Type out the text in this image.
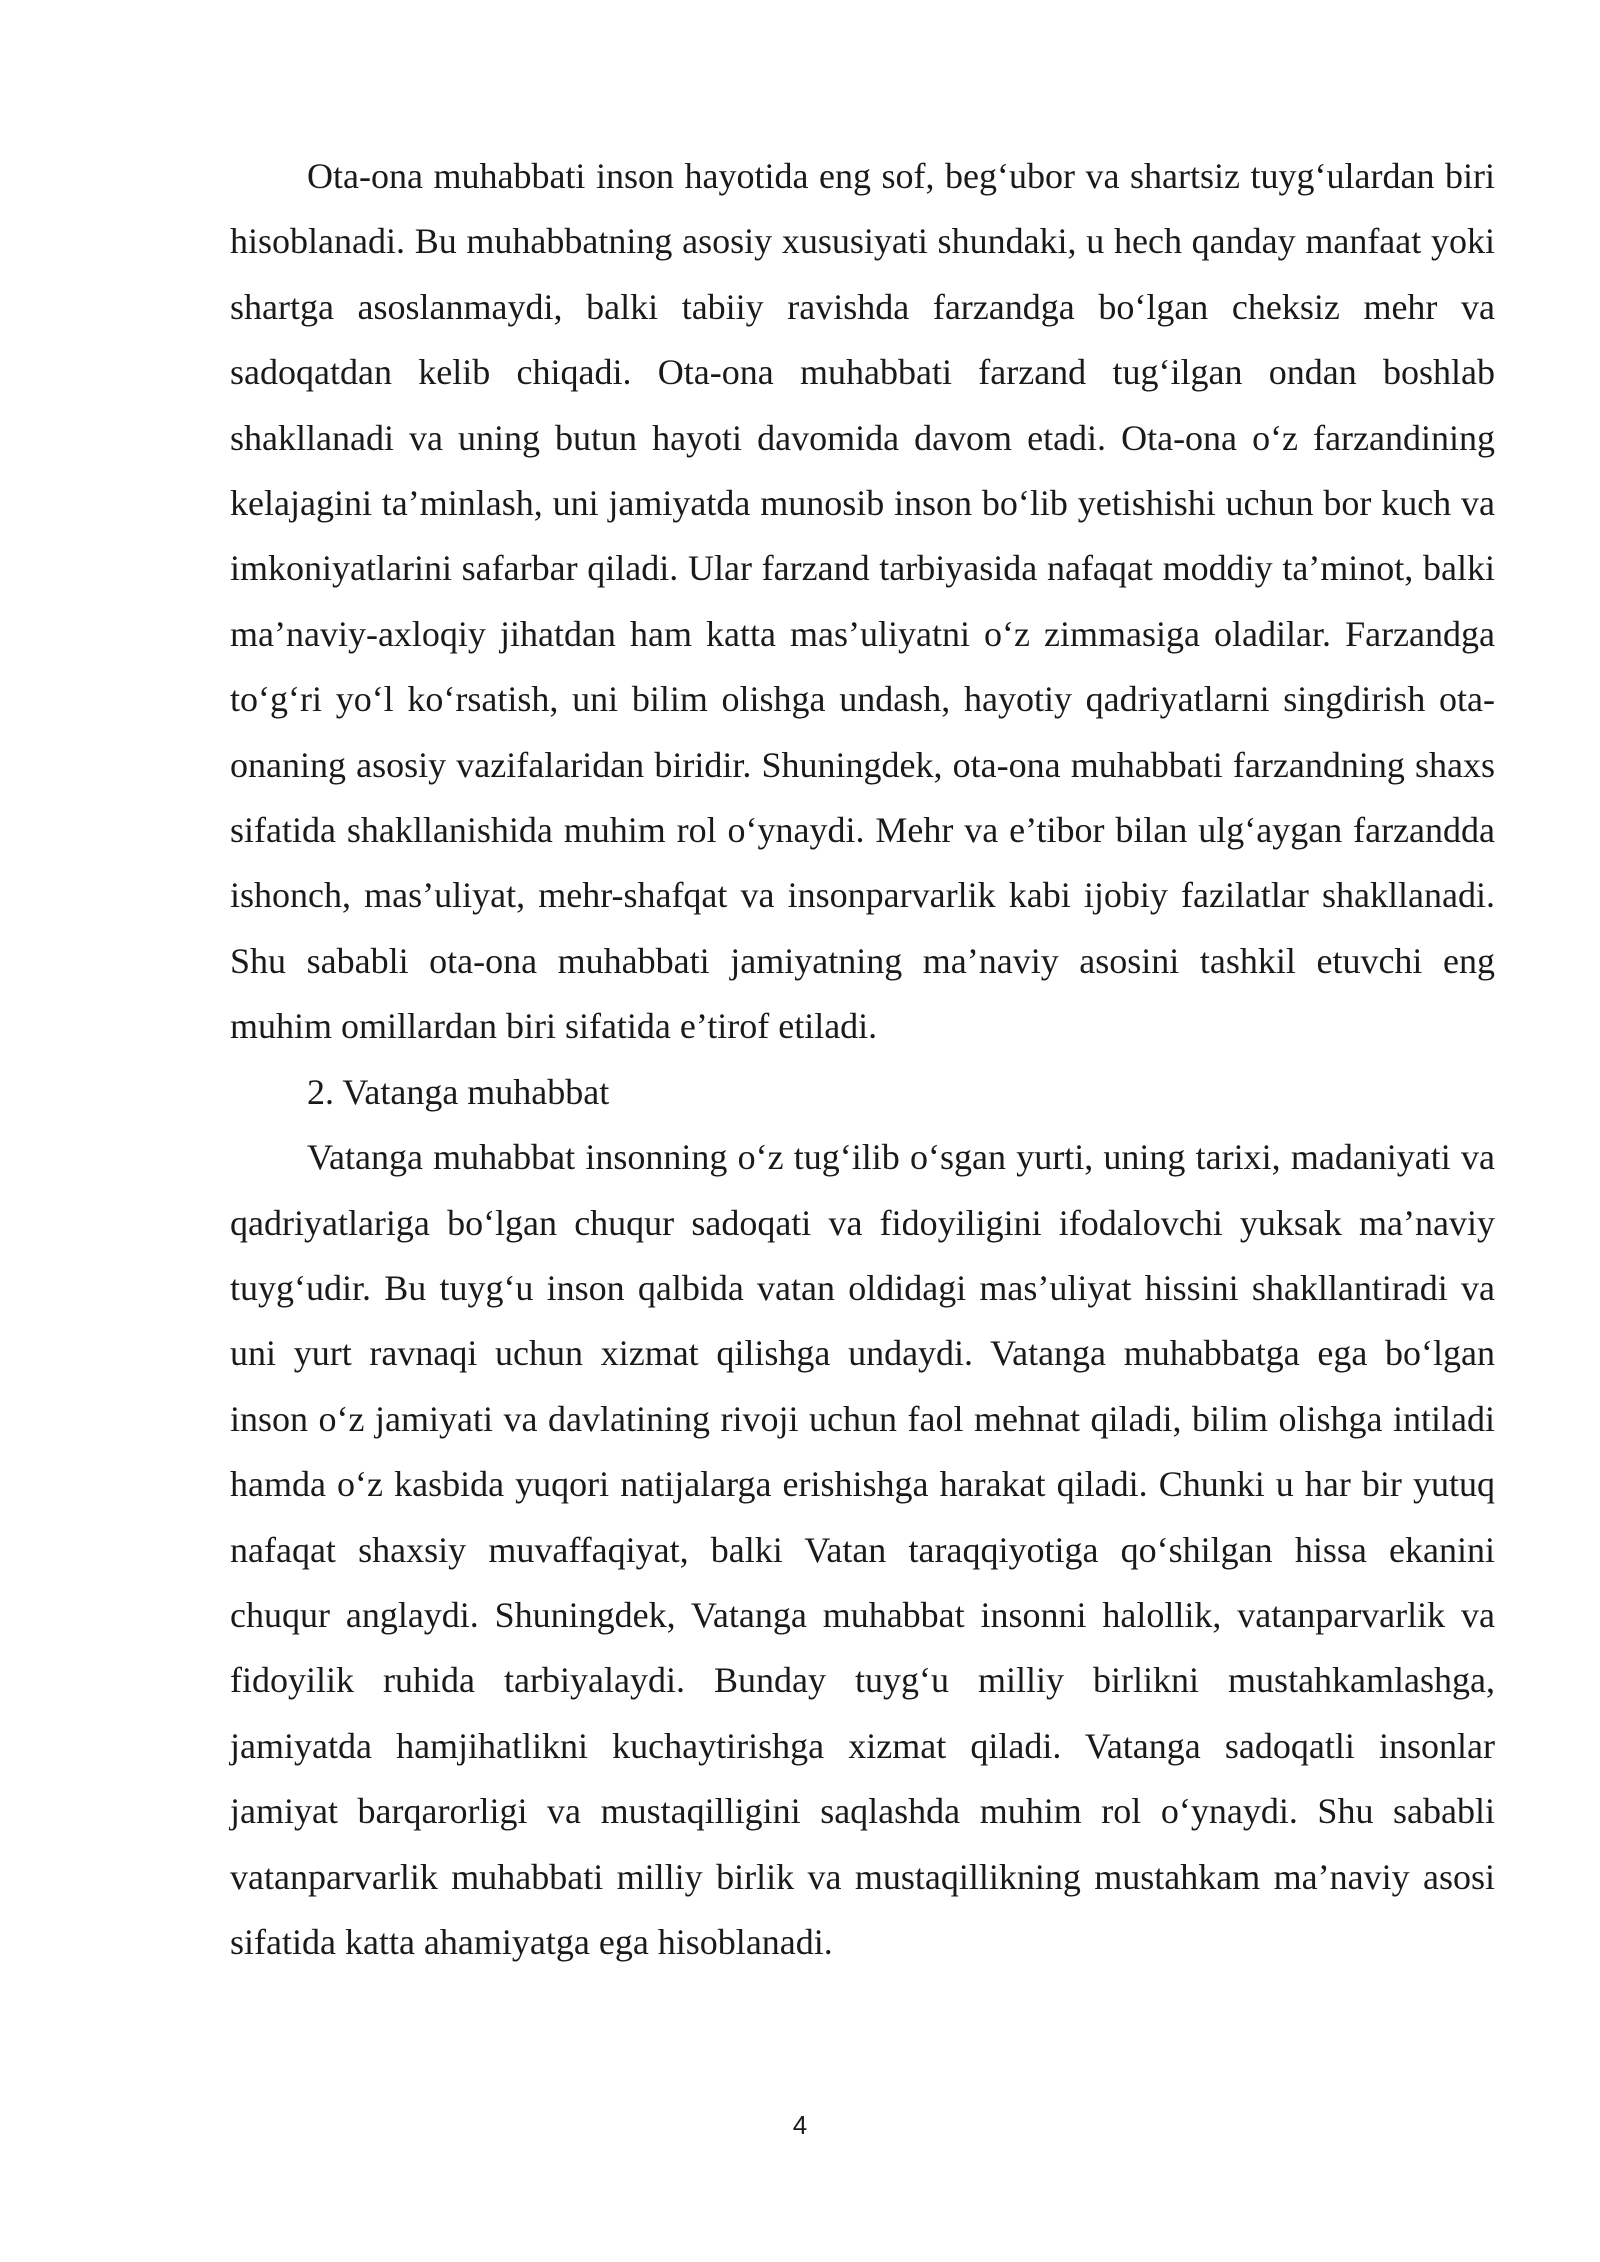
Ota-ona muhabbati inson hayotida eng sof, beg‘ubor va shartsiz tuyg‘ulardan biri hisoblanadi. Bu muhabbatning asosiy xususiyati shundaki, u hech qanday manfaat yoki shartga asoslanmaydi, balki tabiiy ravishda farzandga bo‘lgan cheksiz mehr va sadoqatdan kelib chiqadi. Ota-ona muhabbati farzand tug‘ilgan ondan boshlab shakllanadi va uning butun hayoti davomida davom etadi. Ota-ona o‘z farzandining kelajagini ta’minlash, uni jamiyatda munosib inson bo‘lib yetishishi uchun bor kuch va imkoniyatlarini safarbar qiladi. Ular farzand tarbiyasida nafaqat moddiy ta’minot, balki ma’naviy-axloqiy jihatdan ham katta mas’uliyatni o‘z zimmasiga oladilar. Farzandga to‘g‘ri yo‘l ko‘rsatish, uni bilim olishga undash, hayotiy qadriyatlarni singdirish ota-onaning asosiy vazifalaridan biridir. Shuningdek, ota-ona muhabbati farzandning shaxs sifatida shakllanishida muhim rol o‘ynaydi. Mehr va e’tibor bilan ulg‘aygan farzandda ishonch, mas’uliyat, mehr-shafqat va insonparvarlik kabi ijobiy fazilatlar shakllanadi. Shu sababli ota-ona muhabbati jamiyatning ma’naviy asosini tashkil etuvchi eng muhim omillardan biri sifatida e’tirof etiladi.

2. Vatanga muhabbat

Vatanga muhabbat insonning o‘z tug‘ilib o‘sgan yurti, uning tarixi, madaniyati va qadriyatlariga bo‘lgan chuqur sadoqati va fidoyiligini ifodalovchi yuksak ma’naviy tuyg‘udir. Bu tuyg‘u inson qalbida vatan oldidagi mas’uliyat hissini shakllantiradi va uni yurt ravnaqi uchun xizmat qilishga undaydi. Vatanga muhabbatga ega bo‘lgan inson o‘z jamiyati va davlatining rivoji uchun faol mehnat qiladi, bilim olishga intiladi hamda o‘z kasbida yuqori natijalarga erishishga harakat qiladi. Chunki u har bir yutuq nafaqat shaxsiy muvaffaqiyat, balki Vatan taraqqiyotiga qo‘shilgan hissa ekanini chuqur anglaydi. Shuningdek, Vatanga muhabbat insonni halollik, vatanparvarlik va fidoyilik ruhida tarbiyalaydi. Bunday tuyg‘u milliy birlikni mustahkamlashga, jamiyatda hamjihatlikni kuchaytirishga xizmat qiladi. Vatanga sadoqatli insonlar jamiyat barqarorligi va mustaqilligini saqlashda muhim rol o‘ynaydi. Shu sababli vatanparvarlik muhabbati milliy birlik va mustaqillikning mustahkam ma’naviy asosi sifatida katta ahamiyatga ega hisoblanadi.

4
